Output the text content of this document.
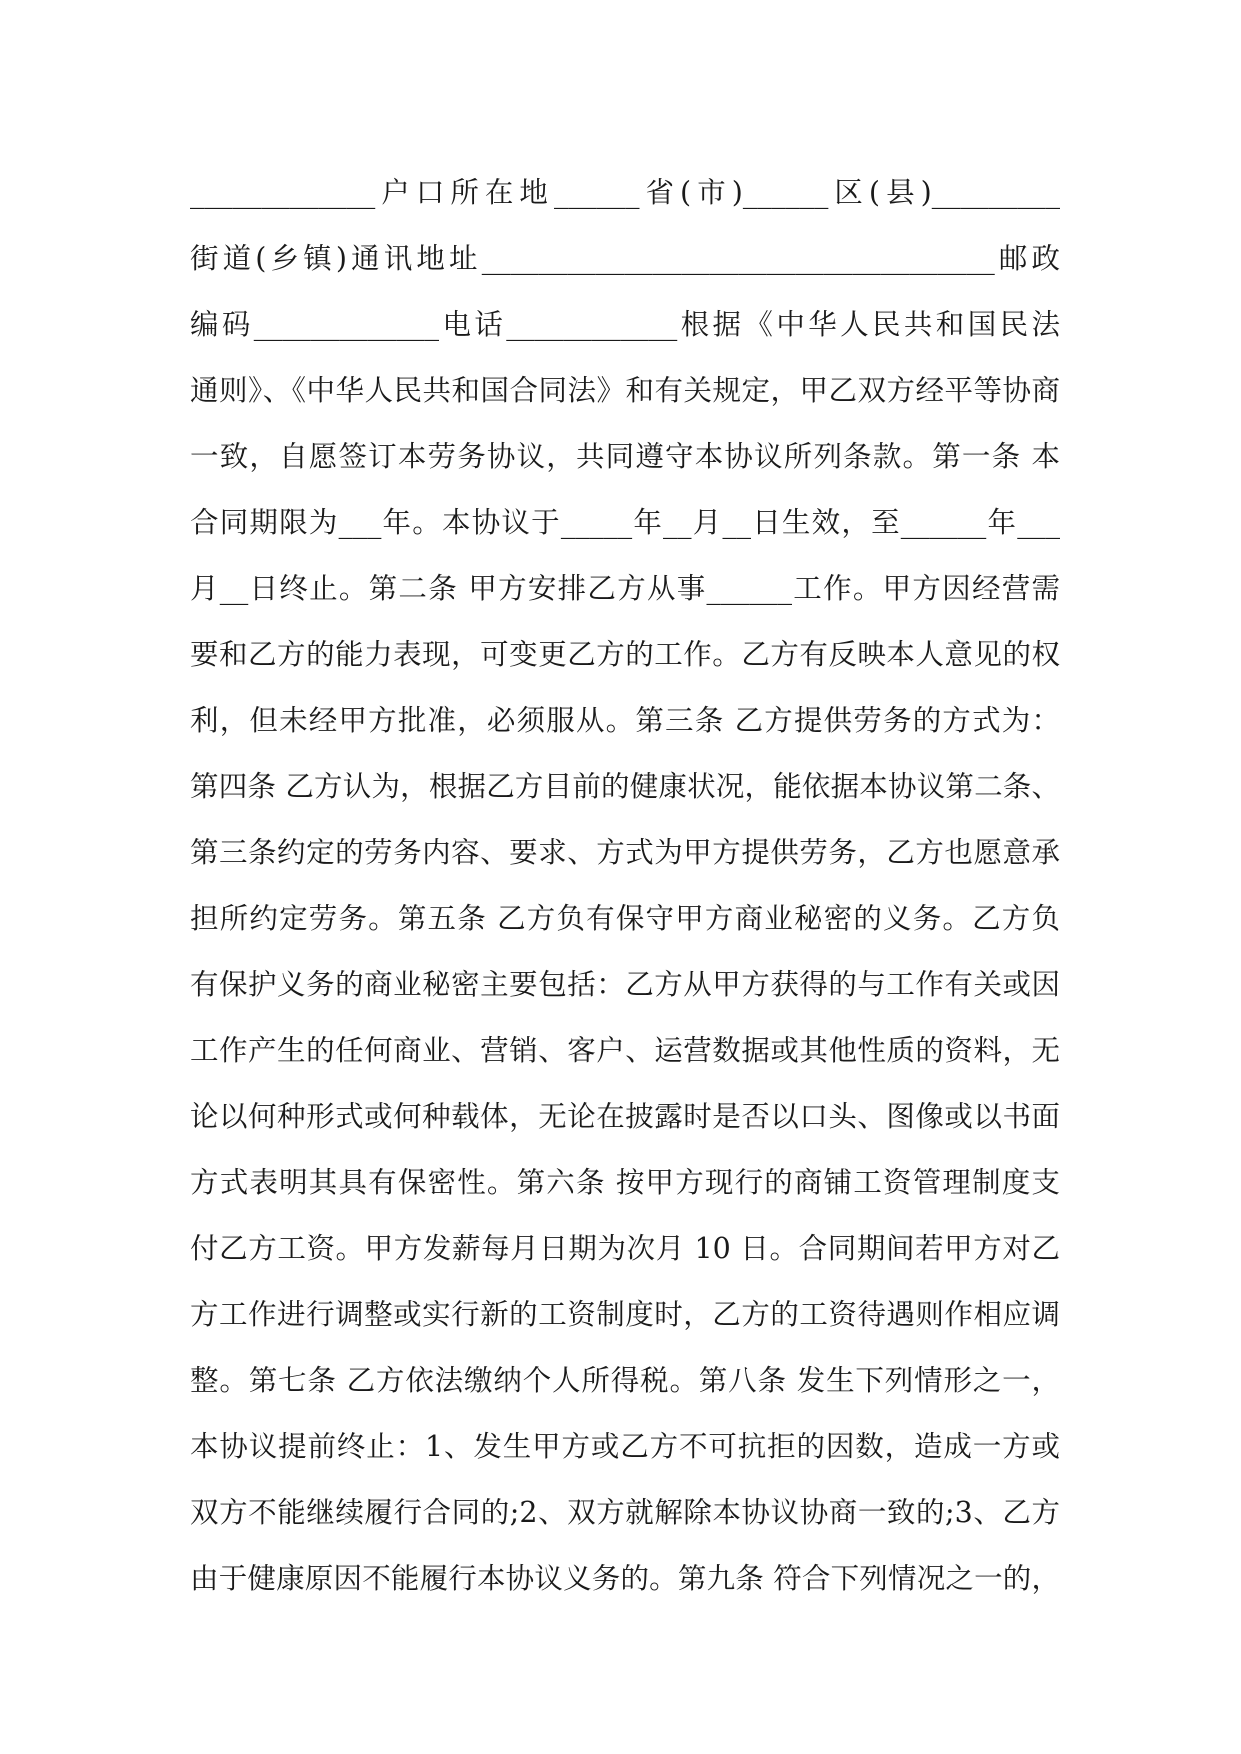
_____________户口所在地______省(市)______区(县)_________
街道(乡镇)通讯地址____________________________________邮政
编码_____________电话____________根据《中华人民共和国民法
通则》、《中华人民共和国合同法》和有关规定，甲乙双方经平等协商
一致，自愿签订本劳务协议，共同遵守本协议所列条款。第一条 本
合同期限为___年。本协议于_____年__月__日生效，至______年___
月__日终止。第二条 甲方安排乙方从事______工作。甲方因经营需
要和乙方的能力表现，可变更乙方的工作。乙方有反映本人意见的权
利，但未经甲方批准，必须服从。第三条 乙方提供劳务的方式为：
第四条 乙方认为，根据乙方目前的健康状况，能依据本协议第二条、
第三条约定的劳务内容、要求、方式为甲方提供劳务，乙方也愿意承
担所约定劳务。第五条 乙方负有保守甲方商业秘密的义务。乙方负
有保护义务的商业秘密主要包括：乙方从甲方获得的与工作有关或因
工作产生的任何商业、营销、客户、运营数据或其他性质的资料，无
论以何种形式或何种载体，无论在披露时是否以口头、图像或以书面
方式表明其具有保密性。第六条 按甲方现行的商铺工资管理制度支
付乙方工资。甲方发薪每月日期为次月 10 日。合同期间若甲方对乙
方工作进行调整或实行新的工资制度时，乙方的工资待遇则作相应调
整。第七条 乙方依法缴纳个人所得税。第八条 发生下列情形之一，
本协议提前终止：1、发生甲方或乙方不可抗拒的因数，造成一方或
双方不能继续履行合同的;2、双方就解除本协议协商一致的;3、乙方
由于健康原因不能履行本协议义务的。第九条 符合下列情况之一的，
